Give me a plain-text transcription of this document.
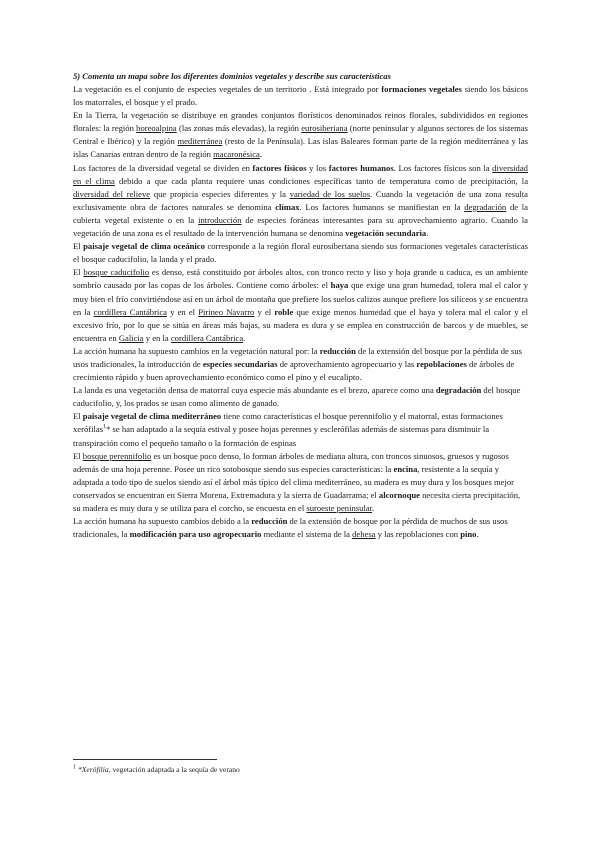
5) Comenta un mapa sobre los diferentes dominios vegetales y describe sus características

La vegetación es el conjunto de especies vegetales de un territorio . Está integrado por formaciones vegetales siendo los básicos los matorrales, el bosque y el prado.

En la Tierra, la vegetación se distribuye en grandes conjuntos florísticos denominados reinos florales, subdivididos en regiones florales: la región boreoalpina (las zonas más elevadas), la región eurosiberiana (norte peninsular y algunos sectores de los sistemas Central e Ibérico) y la región mediterránea (resto de la Península). Las islas Baleares forman parte de la región mediterránea y las islas Canarias entran dentro de la región macaronésica.

Los factores de la diversidad vegetal se dividen en factores físicos y los factores humanos. Los factores físicos son la diversidad en el clima debido a que cada planta requiere unas condiciones específicas tanto de temperatura como de precipitación, la diversidad del relieve que propicia especies diferentes y la variedad de los suelos. Cuando la vegetación de una zona resulta exclusivamente obra de factores naturales se denomina clímax. Los factores humanos se manifiestan en la degradación de la cubierta vegetal existente o en la introducción de especies foráneas interesantes para su aprovechamiento agrario. Cuando la vegetación de una zona es el resultado de la intervención humana se denomina vegetación secundaria.

El paisaje vegetal de clima oceánico corresponde a la región floral eurosiberiana siendo sus formaciones vegetales características el bosque caducifolio, la landa y el prado.

El bosque caducifolio es denso, está constituido por árboles altos, con tronco recto y liso y hoja grande u caduca, es un ambiente sombrío causado por las copas de los árboles. Contiene como árboles: el haya que exige una gran humedad, tolera mal el calor y muy bien el frío convirtiéndose así en un árbol de montaña que prefiere los suelos calizos aunque prefiere los silíceos y se encuentra en la cordillera Cantábrica y en el Pirineo Navarro y el roble que exige menos humedad que el haya y tolera mal el calor y el excesivo frío, por lo que se sitúa en áreas más bajas, su madera es dura y se emplea en construcción de barcos y de muebles, se encuentra en Galicia y en la cordillera Cantábrica.

La acción humana ha supuesto cambios en la vegetación natural por: la reducción de la extensión del bosque por la pérdida de sus usos tradicionales, la introducción de especies secundarias de aprovechamiento agropecuario y las repoblaciones de árboles de crecimiento rápido y buen aprovechamiento económico como el pino y el eucalipto.

La landa es una vegetación densa de matorral cuya especie más abundante es el brezo, aparece como una degradación del bosque caducifolio, y, los prados se usan como alimento de ganado.

El paisaje vegetal de clima mediterráneo tiene como características el bosque perennifolio y el matorral, estas formaciones xerófilas$^1$* se han adaptado a la sequía estival y posee hojas perennes y esclerófilas además de sistemas para disminuir la transpiración como el pequeño tamaño o la formación de espinas

El bosque perennifolio es un bosque poco denso, lo forman árboles de mediana altura, con troncos sinuosos, gruesos y rugosos además de una hoja perenne. Posee un rico sotobosque siendo sus especies características: la encina, resistente a la sequía y adaptada a todo tipo de suelos siendo así el árbol más típico del clima mediterráneo, su madera es muy dura y los bosques mejor conservados se encuentran en Sierra Morena, Extremadura y la sierra de Guadarrama; el alcornoque necesita cierta precipitación, su madera es muy dura y se utiliza para el corcho, se encuesta en el suroeste peninsular.

La acción humana ha supuesto cambios debido a la reducción de la extensión de bosque por la pérdida de muchos de sus usos tradicionales, la modificación para uso agropecuario mediante el sistema de la dehesa y las repoblaciones con pino.

$^1$ *Xerófilia, vegetación adaptada a la sequía de verano
